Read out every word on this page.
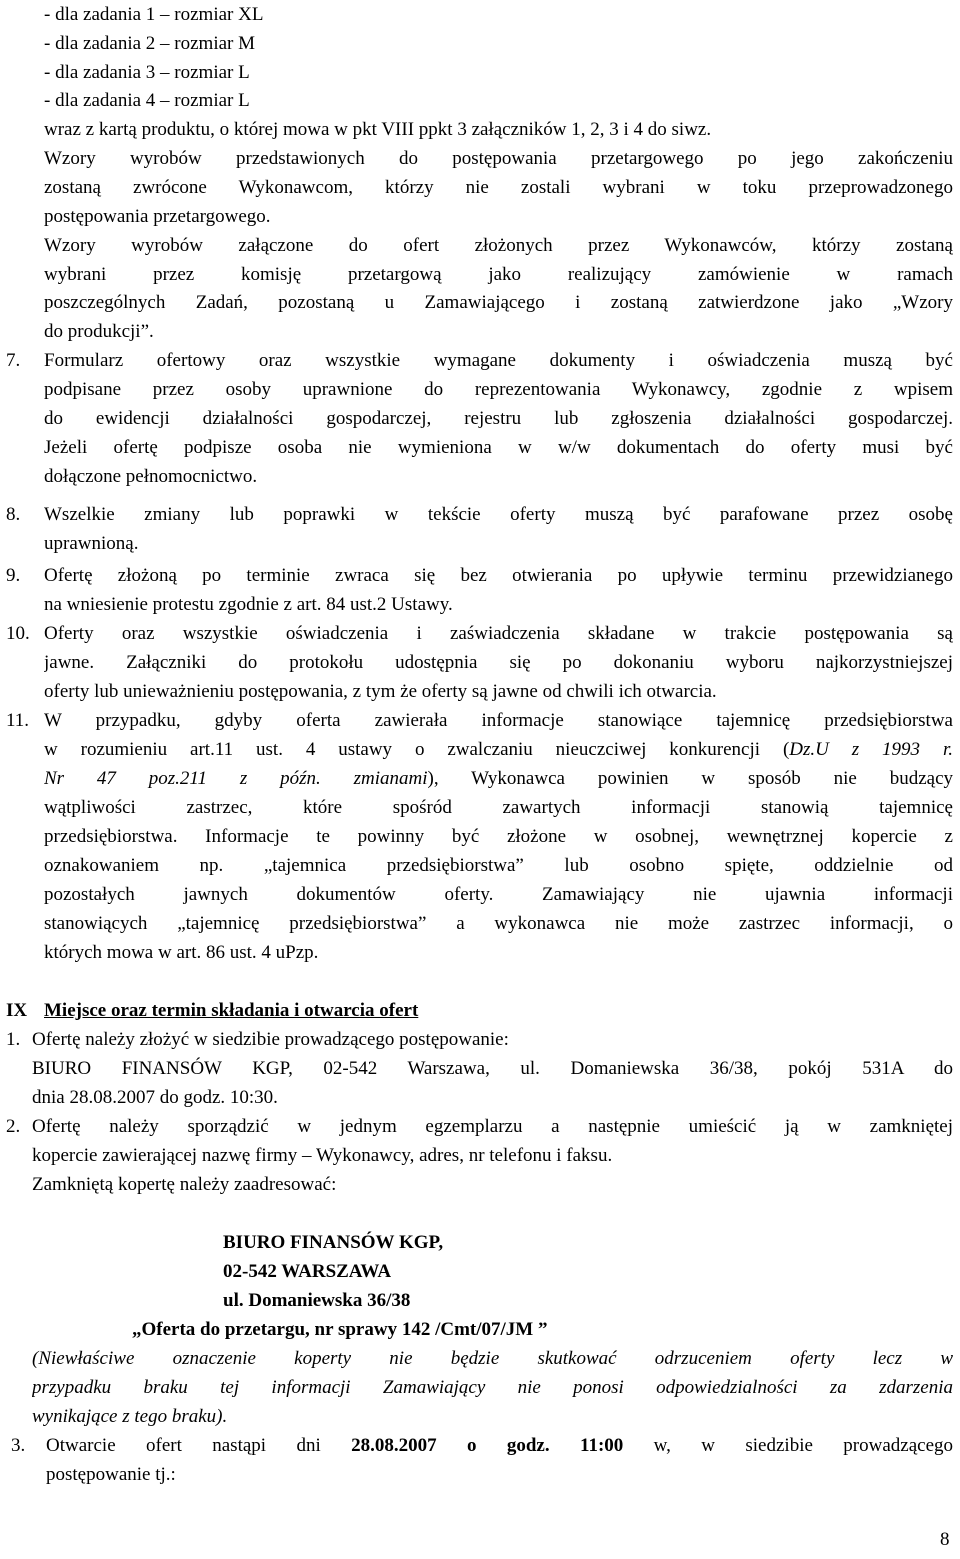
- dla zadania 1 – rozmiar XL
- dla zadania 2 – rozmiar M
- dla zadania 3 – rozmiar L
- dla zadania 4 – rozmiar L
wraz z kartą produktu, o której mowa w pkt VIII ppkt 3 załączników 1, 2, 3 i 4 do siwz.
Wzory wyrobów przedstawionych do postępowania przetargowego po jego zakończeniu
zostaną zwrócone Wykonawcom, którzy nie zostali wybrani w toku przeprowadzonego
postępowania przetargowego.
Wzory wyrobów załączone do ofert złożonych przez Wykonawców, którzy zostaną
wybrani przez komisję przetargową jako realizujący zamówienie w ramach
poszczególnych Zadań, pozostaną u Zamawiającego i zostaną zatwierdzone jako „Wzory
do produkcji”.
7. Formularz ofertowy oraz wszystkie wymagane dokumenty i oświadczenia muszą być
podpisane przez osoby uprawnione do reprezentowania Wykonawcy, zgodnie z wpisem
do ewidencji działalności gospodarczej, rejestru lub zgłoszenia działalności gospodarczej.
Jeżeli ofertę podpisze osoba nie wymieniona w w/w dokumentach do oferty musi być
dołączone pełnomocnictwo.
8. Wszelkie zmiany lub poprawki w tekście oferty muszą być parafowane przez osobę
uprawnioną.
9. Ofertę złożoną po terminie zwraca się bez otwierania po upływie terminu przewidzianego
na wniesienie protestu zgodnie z art. 84 ust.2 Ustawy.
10. Oferty oraz wszystkie oświadczenia i zaświadczenia składane w trakcie postępowania są
jawne. Załączniki do protokołu udostępnia się po dokonaniu wyboru najkorzystniejszej
oferty lub unieważnieniu postępowania, z tym że oferty są jawne od chwili ich otwarcia.
11. W przypadku, gdyby oferta zawierała informacje stanowiące tajemnicę przedsiębiorstwa
w rozumieniu art.11 ust. 4 ustawy o zwalczaniu nieuczciwej konkurencji (Dz.U z 1993 r.
Nr 47 poz.211 z późn. zmianami), Wykonawca powinien w sposób nie budzący
wątpliwości zastrzec, które spośród zawartych informacji stanowią tajemnicę
przedsiębiorstwa. Informacje te powinny być złożone w osobnej, wewnętrznej kopercie z
oznakowaniem np. „tajemnica przedsiębiorstwa” lub osobno spięte, oddzielnie od
pozostałych jawnych dokumentów oferty. Zamawiający nie ujawnia informacji
stanowiących „tajemnicę przedsiębiorstwa” a wykonawca nie może zastrzec informacji, o
których mowa w art. 86 ust. 4 uPzp.
IX Miejsce oraz termin składania i otwarcia ofert
1. Ofertę należy złożyć w siedzibie prowadzącego postępowanie:
BIURO FINANSÓW KGP, 02-542 Warszawa, ul. Domaniewska 36/38, pokój 531A do
dnia 28.08.2007 do godz. 10:30.
2. Ofertę należy sporządzić w jednym egzemplarzu a następnie umieścić ją w zamkniętej
kopercie zawierającej nazwę firmy – Wykonawcy, adres, nr telefonu i faksu.
Zamkniętą kopertę należy zaadresować:
BIURO FINANSÓW KGP,
02-542 WARSZAWA
ul. Domaniewska 36/38
„Oferta do przetargu, nr sprawy 142 /Cmt/07/JM ”
(Niewłaściwe oznaczenie koperty nie będzie skutkować odrzuceniem oferty lecz w
przypadku braku tej informacji Zamawiający nie ponosi odpowiedzialności za zdarzenia
wynikające z tego braku).
3. Otwarcie ofert nastąpi dni 28.08.2007 o godz. 11:00 w, w siedzibie prowadzącego
postępowanie tj.:
8
